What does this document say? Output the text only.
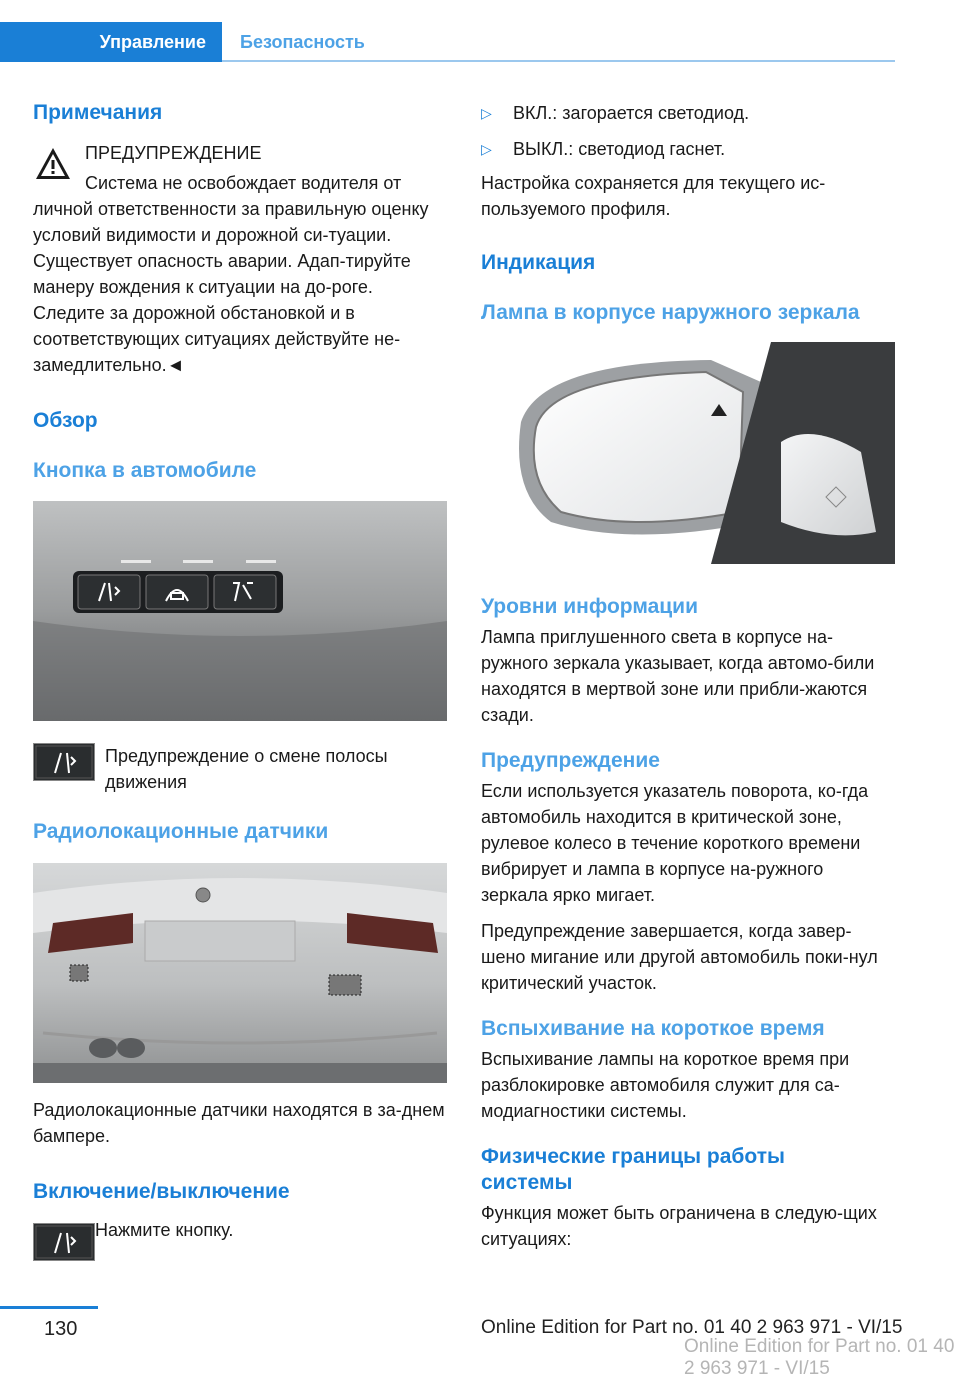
Управление	Безопасность
Примечания
ПРЕДУПРЕЖДЕНИЕ
Система не освобождает водителя от

личной ответственности за правильную оценку условий видимости и дорожной си-туации. Существует опасность аварии. Адап-тируйте манеру вождения к ситуации на до-роге. Следите за дорожной обстановкой и в соответствующих ситуациях действуйте не-замедлительно.◄

Обзор
Кнопка в автомобиле

Предупреждение о смене полосы движения

Радиолокационные датчики

Радиолокационные датчики находятся в за-днем бампере.

Включение/выключение

Нажмите кнопку.

▷	ВКЛ.: загорается светодиод.
▷	ВЫКЛ.: светодиод гаснет.

Настройка сохраняется для текущего ис-пользуемого профиля.

Индикация
Лампа в корпусе наружного зеркала
Уровни информации

Лампа приглушенного света в корпусе на-ружного зеркала указывает, когда автомо-били находятся в мертвой зоне или прибли-жаются сзади.

Предупреждение

Если используется указатель поворота, ко-гда автомобиль находится в критической зоне, рулевое колесо в течение короткого времени вибрирует и лампа в корпусе на-ружного зеркала ярко мигает.

Предупреждение завершается, когда завер-шено мигание или другой автомобиль поки-нул критический участок.

Вспыхивание на короткое время

Вспыхивание лампы на короткое время при разблокировке автомобиля служит для са-модиагностики системы.

Физические границы работы системы

Функция может быть ограничена в следую-щих ситуациях:

130	Online Edition for Part no. 01 40 2 963 971 - VI/15
Online Edition for Part no. 01 40 2 963 971 - VI/15
